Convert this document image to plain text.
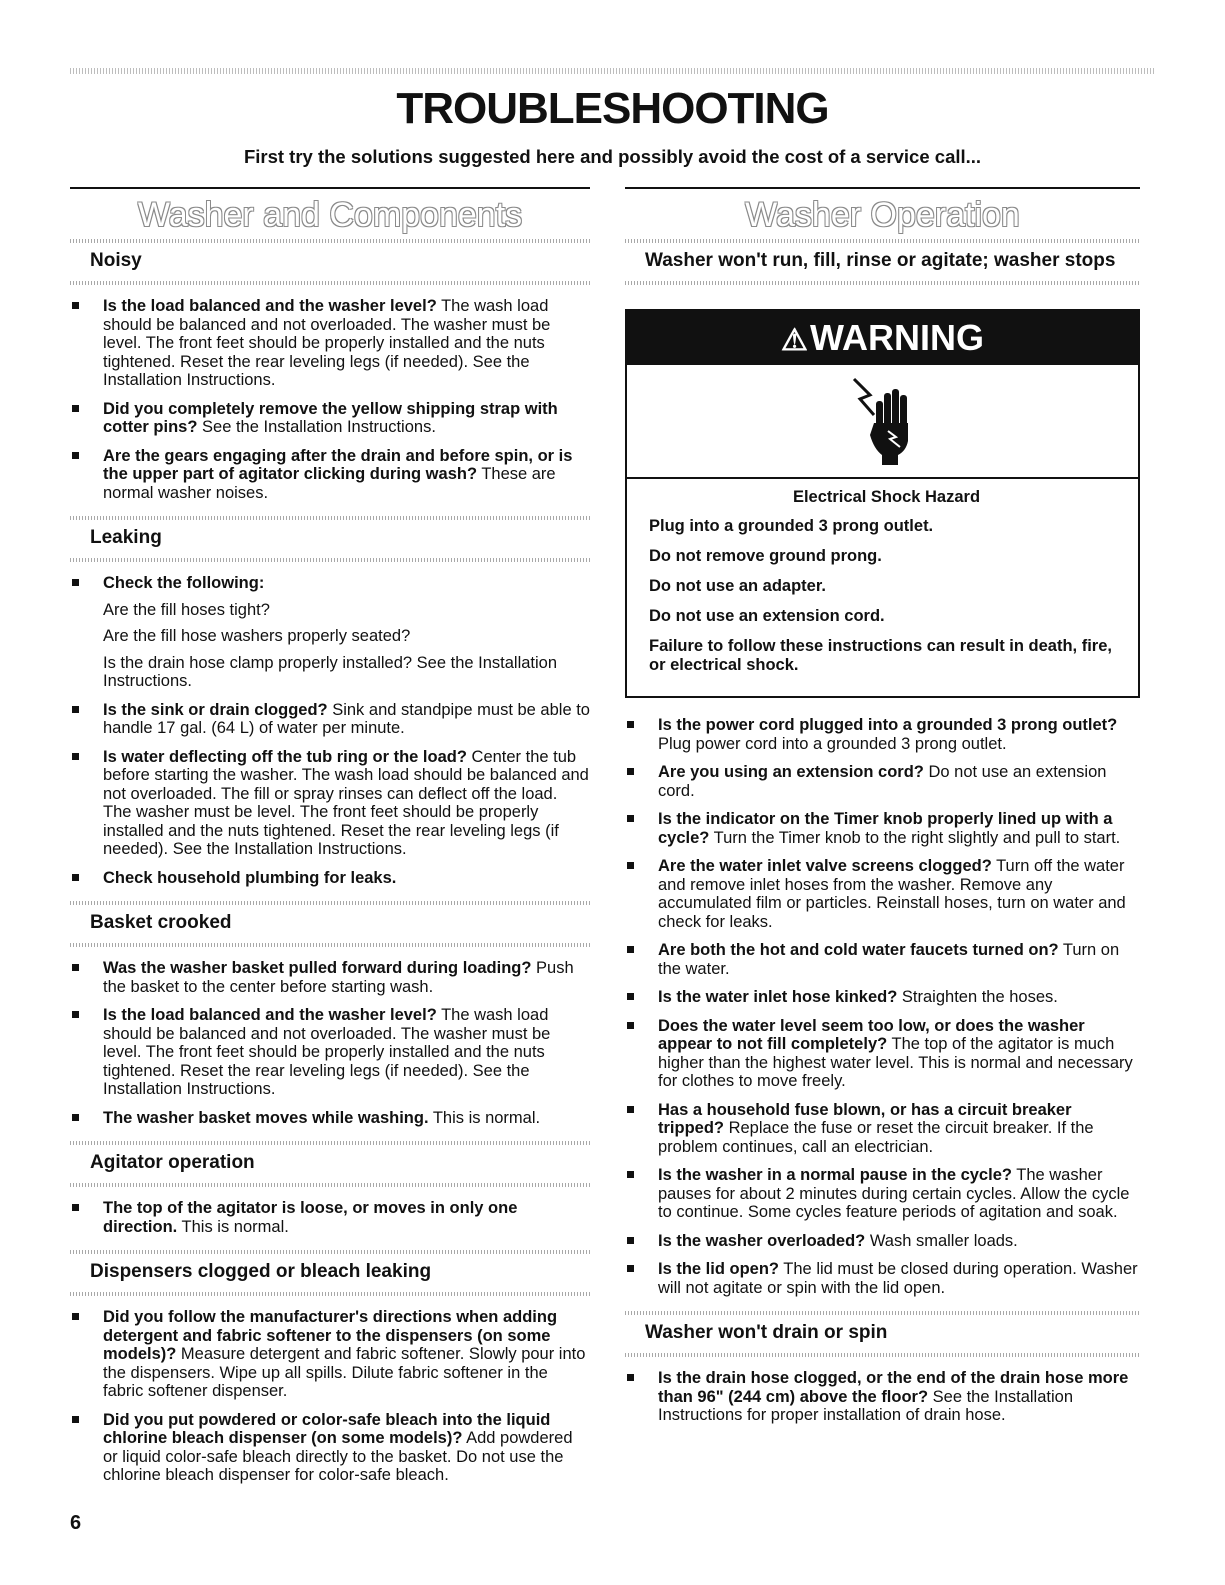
TROUBLESHOOTING
First try the solutions suggested here and possibly avoid the cost of a service call...
Washer and Components
Noisy
Is the load balanced and the washer level? The wash load should be balanced and not overloaded. The washer must be level. The front feet should be properly installed and the nuts tightened. Reset the rear leveling legs (if needed). See the Installation Instructions.
Did you completely remove the yellow shipping strap with cotter pins? See the Installation Instructions.
Are the gears engaging after the drain and before spin, or is the upper part of agitator clicking during wash? These are normal washer noises.
Leaking
Check the following:
Are the fill hoses tight?
Are the fill hose washers properly seated?
Is the drain hose clamp properly installed? See the Installation Instructions.
Is the sink or drain clogged? Sink and standpipe must be able to handle 17 gal. (64 L) of water per minute.
Is water deflecting off the tub ring or the load? Center the tub before starting the washer. The wash load should be balanced and not overloaded. The fill or spray rinses can deflect off the load. The washer must be level. The front feet should be properly installed and the nuts tightened. Reset the rear leveling legs (if needed). See the Installation Instructions.
Check household plumbing for leaks.
Basket crooked
Was the washer basket pulled forward during loading? Push the basket to the center before starting wash.
Is the load balanced and the washer level? The wash load should be balanced and not overloaded. The washer must be level. The front feet should be properly installed and the nuts tightened. Reset the rear leveling legs (if needed). See the Installation Instructions.
The washer basket moves while washing. This is normal.
Agitator operation
The top of the agitator is loose, or moves in only one direction. This is normal.
Dispensers clogged or bleach leaking
Did you follow the manufacturer's directions when adding detergent and fabric softener to the dispensers (on some models)? Measure detergent and fabric softener. Slowly pour into the dispensers. Wipe up all spills. Dilute fabric softener in the fabric softener dispenser.
Did you put powdered or color-safe bleach into the liquid chlorine bleach dispenser (on some models)? Add powdered or liquid color-safe bleach directly to the basket. Do not use the chlorine bleach dispenser for color-safe bleach.
Washer Operation
Washer won't run, fill, rinse or agitate; washer stops
⚠WARNING
Electrical Shock Hazard
Plug into a grounded 3 prong outlet.
Do not remove ground prong.
Do not use an adapter.
Do not use an extension cord.
Failure to follow these instructions can result in death, fire, or electrical shock.
Is the power cord plugged into a grounded 3 prong outlet? Plug power cord into a grounded 3 prong outlet.
Are you using an extension cord? Do not use an extension cord.
Is the indicator on the Timer knob properly lined up with a cycle? Turn the Timer knob to the right slightly and pull to start.
Are the water inlet valve screens clogged? Turn off the water and remove inlet hoses from the washer. Remove any accumulated film or particles. Reinstall hoses, turn on water and check for leaks.
Are both the hot and cold water faucets turned on? Turn on the water.
Is the water inlet hose kinked? Straighten the hoses.
Does the water level seem too low, or does the washer appear to not fill completely? The top of the agitator is much higher than the highest water level. This is normal and necessary for clothes to move freely.
Has a household fuse blown, or has a circuit breaker tripped? Replace the fuse or reset the circuit breaker. If the problem continues, call an electrician.
Is the washer in a normal pause in the cycle? The washer pauses for about 2 minutes during certain cycles. Allow the cycle to continue. Some cycles feature periods of agitation and soak.
Is the washer overloaded? Wash smaller loads.
Is the lid open? The lid must be closed during operation. Washer will not agitate or spin with the lid open.
Washer won't drain or spin
Is the drain hose clogged, or the end of the drain hose more than 96" (244 cm) above the floor? See the Installation Instructions for proper installation of drain hose.
6
